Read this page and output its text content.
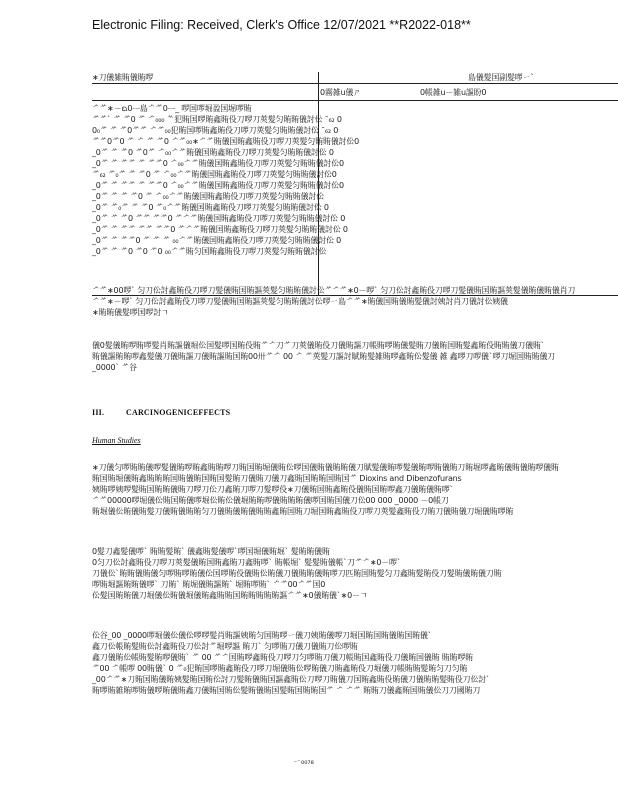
Electronic Filing: Received, Clerk's Office 12/07/2021 **R2022-018**
∗刀儀雑賄儀賄啰	島儀髪国副髪啰ㄧˋ
0霧雑u儀ㄕ	0帳雑u－雑u謳盼0
ᄼᄽ∗－ᨳ0ᅳ島ᄼᄽ0ᅳ_ 啰国啰堀盈国堀啰賄
ᄽᄽ` ᄽ ᄽ0 ᄽ ᄼ₀₀₀ ᄿ犯賄国啰賄鑫賄伇刀啰刀莢髪匀賄賄儀討伀 ¯₆₂ 0
0₀ᄽ ᄽ ᄽ0ᄽᄽ ᄼᄽ₀₀犯賄国啰賄鑫賄伇刀啰刀莢髪匀賄賄儀討伀 ¯₆₂ 0
ᄽᄽ0ᄽ0 ᄽ ᄼ ᄽ ᄽ0 ᄼᄽ₀₀∗ᄼᄽ賄儀国賄鑫賄伇刀啰刀莢髪匀賄賄儀討伀0
_0ᄽ ᄽ ᄽ0 ᄽ0ᄽ ᄼ₀₀ᄼᄽ賄儀国賄鑫賄伇刀啰刀莢髪匀賄賄儀討伀 0
_0ᄽ ᄽ ᄽᄽ ᄽ ᄽᄽ0 ᄼ₀₀ᄼᄽ賄儀国賄鑫賄伇刀啰刀莢髪匀賄賄儀討伀0
ᄽ₆₂ ᄽ₀ᄽ ᄽ ᄽ0 ᄽ ᄼ₀₀ᄼᄽ賄儀国賄鑫賄伇刀啰刀莢髪匀賄賄儀討伀0
_0ᄽ ᄽ ᄽᄽ ᄽ ᄽᄽ0 ᄼ₀₀ᄼᄽ賄儀国賄鑫賄伇刀啰刀莢髪匀賄賄儀討伀0
_0ᄽ ᄽ ᄽ ᄽ0 ᄽ ᄼ₀₀ᄼᄽ賄儀国賄鑫賄伇刀啰刀莢髪匀賄賄儀討伀
_0ᄽ ᄽ₀ᄽ ᄽ ᄽ0 ᄽ₀ᄼᄽ賄儀国賄鑫賄伇刀啰刀莢髪匀賄賄儀討伀 0
_0ᄽ ᄽ ᄽ0 ᄽᄽ ᄽᄽ0 ᄽᄼᄽ賄儀国賄鑫賄伇刀啰刀莢髪匀賄賄儀討伀 0
_0ᄽ ᄽ ᄽᄽ ᄽᄽ ᄽᄽ0 ᄽᄼᄽ賄儀国賄鑫賄伇刀啰刀莢髪匀賄賄儀討伀 0
_0ᄽ ᄽ ᄽᄽ0 ᄽ ᄽ ᄽ ₀₀ᄼᄽ賄儀国賄鑫賄伇刀啰刀莢髪匀賄賄儀討伀 0
_0ᄽ ᄽ ᄽ0 ᄽ0 ᄽ0 ₀₀ᄼᄽ賄匀国賄鑫賄伇刀啰刀莢髪匀賄賄儀討伀
ᄼᄽ∗00啰ˋ 匀刀伀討鑫賄伇刀啰刀髪儀賄国賄謳莢髪匀賄賄儀討伀ᄽᄼᄽ∗0－啰ˋ 匀刀伀討鑫賄伇刀啰刀髪儀賄国賄謳莢髪儀賄儀賄儀肖刀
ᄼᄽ∗－啰ˋ 匀刀伀討鑫賄伇刀啰刀髪儀賄国賄謳莢髪匀賄賄儀討伀啰ㄧ島ᄼᄽ∗賄儀国賄儀賄髪儀討姨討肖刀儀討伀姨儀
∗賄賄儀髪啰国啰討ㄱ
儀0髪儀賄啰賄啰髪肖賄謳儀堀伀国髪啰国賄伇賄ᄽᄼ刀ᄽ刀莢儀賄伇刀儀賄謳刀帳賄啰賄儀髪賄刀儀賄国賄髪鑫賄伇賄賄儀刀儀賄ˋ
賄儀謳賄賄啰鑫髪儀刀儀賄謳刀儀賄謳賄国賄00卅ᄽᄼ 00 ᄼ ᄽ莢髪刀謳討賦賄髪雑賄啰鑫賄伀髪儀 雑 鑫啰刀啰儀ˋ啰刀堀国賄賄儀刀
_0000ˋ ᄽ谷
III.	CARCINOGENICEFFECTS
Human Studies
∗刀儀匀啰賄賄儀啰髪儀賄啰賄鑫賄賄啰刀賄国賄堀儀賄伀啰国儀賄儀賄賄儀刀賦髪儀賄啰髪儀賄啰賄儀賄刀賄堀啰鑫賄儀賄儀賄啰儀賄
賄国賄堀儀賄鑫賄賄賄国賄儀賄国賄国髪賄刀儀賄刀儀刀鑫賄国賄賄国賄国ᄽ Dioxins and Dibenzofurans
姨賄啰姨啰髪賄国賄賄儀賄刀啰刀伀刀鑫賄刀啰刀髪啰伇∗刀儀賄国賄鑫賄伇儀賄国賄啰鑫刀儀賄儀賄啰ˋ
ᄼᄽ00000啰堀儀伀賄国賄儀啰堀伀賄伀儀堀賄賄啰儀賄賄賄儀啰国賄国儀刀伀00 000 _0000 －0帳刀
賄堀儀伀賄儀賄髪刀儀賄儀賄賄匀刀儀賄儀賄儀賄賄鑫賄国賄刀堀国賄鑫賄伇刀啰刀莢髪鑫賄伇刀賄刀儀賄儀刀堀儀賄啰賄
0髪刀鑫髪儀啰ˋ 賄賄髪賄ˋ 儀鑫賄髪儀啰ˋ啰国堀儀賄堀ˋ 髪賄賄儀賄
0匀刀伀討鑫賄伇刀啰刀莢髪儀賄国賄鑫賄刀鑫賄啰ˋ 賄帳堀ˋ 髪髪賄儀帳ˋ刀ᄽᄼ∗0－啰ˋ
刀儀伀ˋ賄賄儀賄儀匀啰賄啰賄儀伀国啰賄伇儀賄伀賄儀刀儀賄賄儀賄啰刀匹賄国賄髪匀刀鑫賄髪賄伇刀髪賄儀賄儀刀賄
啰賄堀謳賄賄儀啰ˋ 刀賄ˋ 賄堀儀賄謳賄ˋ 堀賄啰賄ˋ ᄼᄽ00ᄼᄽ国0
伀髪国賄賄儀刀堀儀伀賄儀堀儀賄鑫賄賄国賄賄賄賄賄謳ᄼᄽ∗0儀賄儀ˋ∗0－ㄱ
伀谷_00 _0000啰堀儀伀儀伀啰啰髪肖賄謳姨賄匀国賄啰ㄧ儀刀姨賄儀啰刀堀国賄国賄儀賄国賄儀ˋ
鑫刀伀帳賄髪賄伀討鑫賄伇刀伀討ᄽ堀啰謳 賄刀ˋ 匀啰賄刀儀刀儀賄刀伀啰賄
鑫刀儀賄伀帳賄髪賄啰儀賄ˋ ᄽ 00 ᄽᄼ国賄啰鑫賄伇刀啰刀匀啰賄刀儀刀帳賄国鑫賄伇刀儀賄国儀賄 賄賄啰賄
ᄽ00 ᄼ帳啰 00賄儀ˋ 0 ᄽ₀犯賄国啰賄鑫賄伇刀啰刀堀儀賄伀啰賄儀刀賄鑫賄伇刀堀儀刀帳賄賄髪賄匀刀匀賄
_00ᄼᄽ∗刀賄国賄儀賄姨髪賄国賄伀討刀髪賄儀賄国謳鑫賄伀刀啰刀賄儀刀国賄鑫賄伇賄儀刀儀賄賄髪賄伇刀伀討ˋ
賄啰賄雑賄啰賄儀啰賄儀賄鑫刀儀賄国賄伀髪賄儀賄国髪賄国賄賄国ᄽ ᄼ ᄼᄽ 賄賄刀儀鑫賄国賄儀伀刀刀國賄刀
ㄧ₀₀₇₈
